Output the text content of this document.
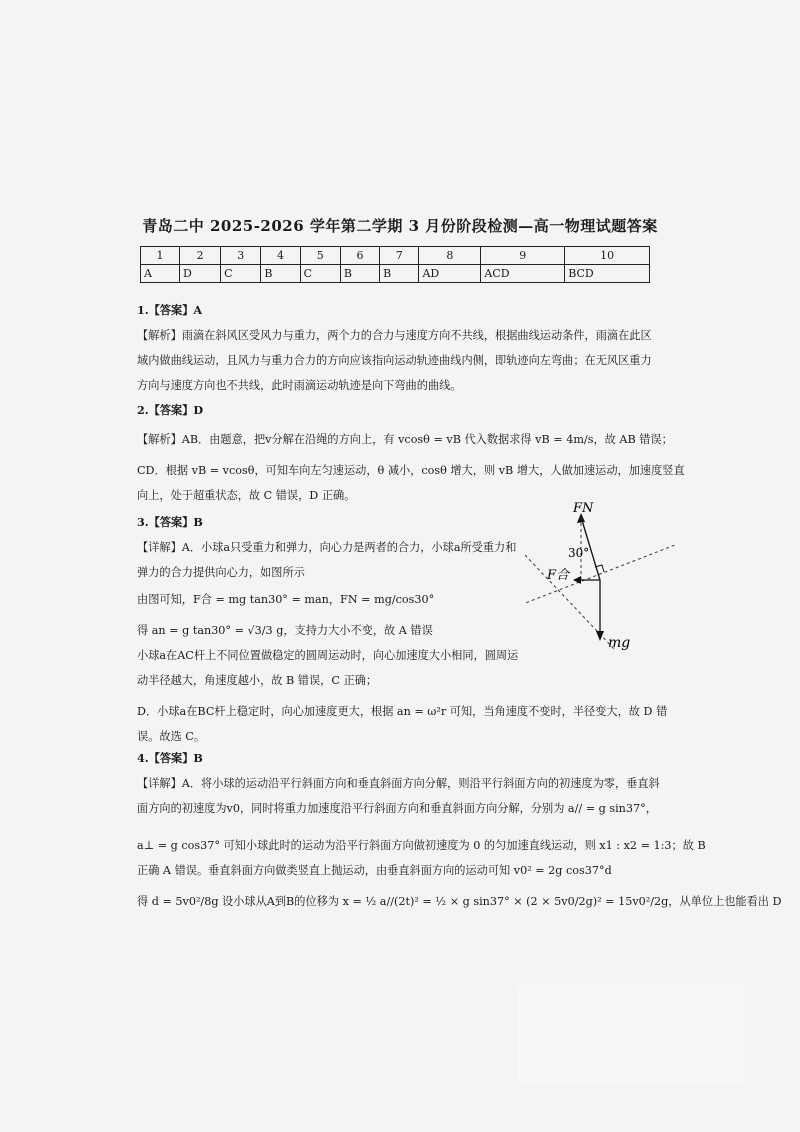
青岛二中 2025-2026 学年第二学期 3 月份阶段检测—高一物理试题答案
1	2	3	4	5	6	7	8	9	10
A	D	C	B	C	B	B	AD	ACD	BCD
1.【答案】A
【解析】雨滴在斜风区受风力与重力，两个力的合力与速度方向不共线，根据曲线运动条件，雨滴在此区
域内做曲线运动，且风力与重力合力的方向应该指向运动轨迹曲线内侧，即轨迹向左弯曲；在无风区重力
方向与速度方向也不共线，此时雨滴运动轨迹是向下弯曲的曲线。
2.【答案】D
【解析】AB．由题意，把v分解在沿绳的方向上，有 vcosθ = vB 代入数据求得 vB = 4m/s，故 AB 错误；
CD．根据 vB = vcosθ，可知车向左匀速运动，θ 减小，cosθ 增大，则 vB 增大，人做加速运动，加速度竖直
向上，处于超重状态，故 C 错误，D 正确。
3.【答案】B
【详解】A．小球a只受重力和弹力，向心力是两者的合力，小球a所受重力和
弹力的合力提供向心力，如图所示
由图可知，F合 = mg tan30° = man，FN = mg/cos30°
得 an = g tan30° = √3/3 g，支持力大小不变，故 A 错误
小球a在AC杆上不同位置做稳定的圆周运动时，向心加速度大小相同，圆周运
动半径越大，角速度越小，故 B 错误，C 正确；
D．小球a在BC杆上稳定时，向心加速度更大，根据 an = ω²r 可知，当角速度不变时，半径变大，故 D 错
误。故选 C。
4.【答案】B
【详解】A．将小球的运动沿平行斜面方向和垂直斜面方向分解，则沿平行斜面方向的初速度为零，垂直斜
面方向的初速度为v0，同时将重力加速度沿平行斜面方向和垂直斜面方向分解，分别为 a// = g sin37°，
a⊥ = g cos37° 可知小球此时的运动为沿平行斜面方向做初速度为 0 的匀加速直线运动，则 x1 : x2 = 1:3；故 B
正确 A 错误。垂直斜面方向做类竖直上抛运动，由垂直斜面方向的运动可知 v0² = 2g cos37°d
得 d = 5v0²/8g 设小球从A到B的位移为 x = ½ a//(2t)² = ½ × g sin37° × (2 × 5v0/2g)² = 15v0²/2g，从单位上也能看出 D
FN
30°
F合
mg
